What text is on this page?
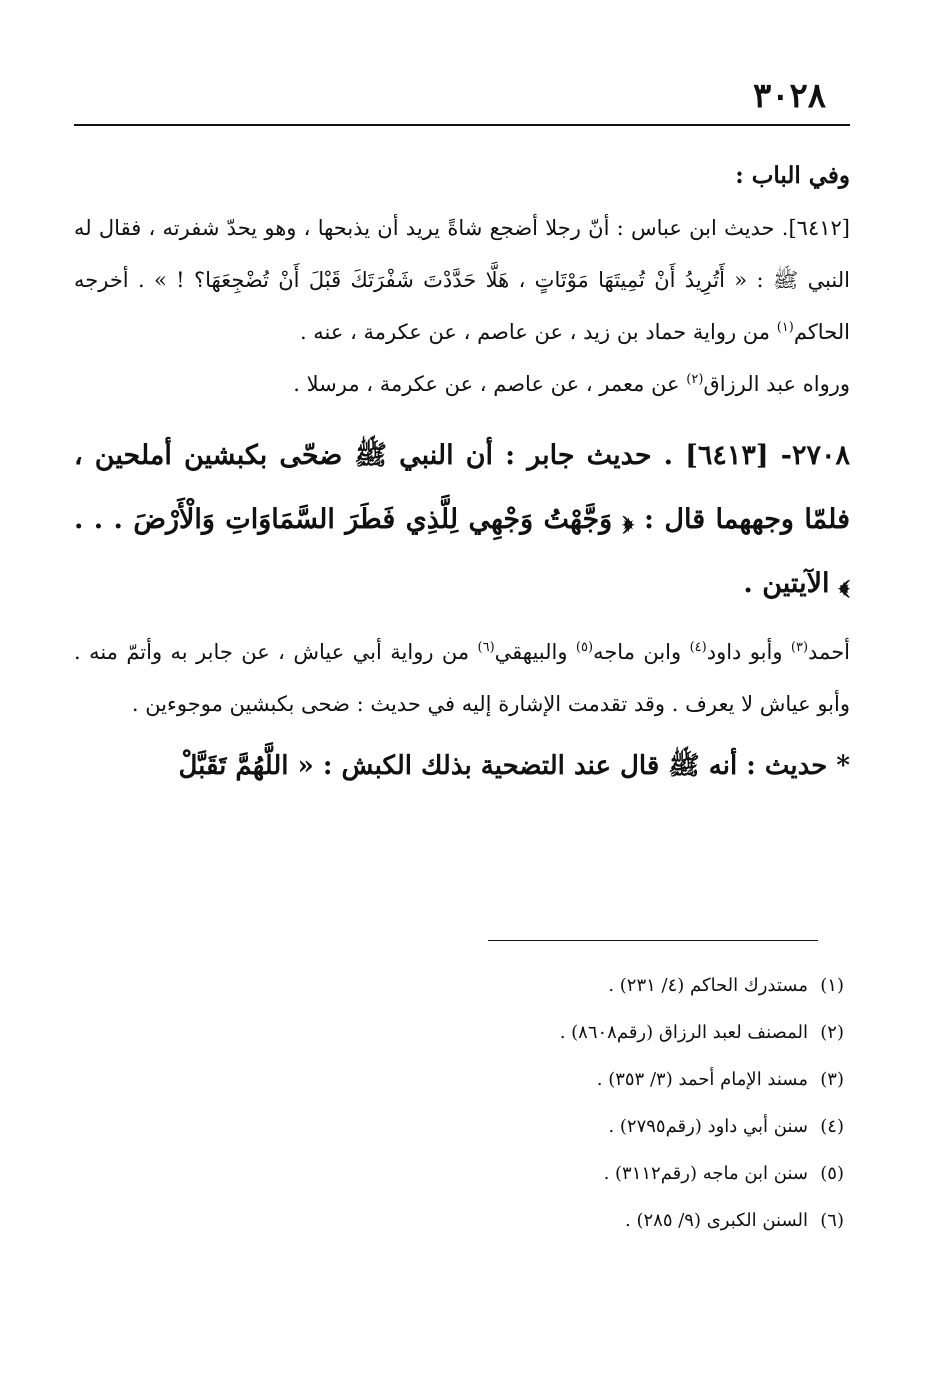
٣٠٢٨

وفي الباب :

[٦٤١٢]. حديث ابن عباس : أنّ رجلا أضجع شاةً يريد أن يذبحها ، وهو يحدّ شفرته ، فقال له النبي ﷺ : « أَتُرِيدُ أَنْ تُمِيتَهَا مَوْتَاتٍ ، هَلَّا حَدَّدْتَ شَفْرَتَكَ قَبْلَ أَنْ تُضْجِعَهَا؟ ! » . أخرجه الحاكم$^{(١)}$ من رواية حماد بن زيد ، عن عاصم ، عن عكرمة ، عنه .

ورواه عبد الرزاق$^{(٢)}$ عن معمر ، عن عاصم ، عن عكرمة ، مرسلا .

٢٧٠٨- [٦٤١٣] . حديث جابر : أن النبي ﷺ ضحّى بكبشين أملحين ، فلمّا وجههما قال : ﴿ وَجَّهْتُ وَجْهِي لِلَّذِي فَطَرَ السَّمَاوَاتِ وَالْأَرْضَ . . . ﴾ الآيتين .

أحمد$^{(٣)}$ وأبو داود$^{(٤)}$ وابن ماجه$^{(٥)}$ والبيهقي$^{(٦)}$ من رواية أبي عياش ، عن جابر به وأتمّ منه . وأبو عياش لا يعرف . وقد تقدمت الإشارة إليه في حديث : ضحى بكبشين موجوءين .

* حديث : أنه ﷺ قال عند التضحية بذلك الكبش : « اللَّهُمَّ تَقَبَّلْ

(١)مستدرك الحاكم (٤/ ٢٣١) .

(٢)المصنف لعبد الرزاق (رقم٨٦٠٨) .

(٣)مسند الإمام أحمد (٣/ ٣٥٣) .

(٤)سنن أبي داود (رقم٢٧٩٥) .

(٥)سنن ابن ماجه (رقم٣١١٢) .

(٦)السنن الكبرى (٩/ ٢٨٥) .
